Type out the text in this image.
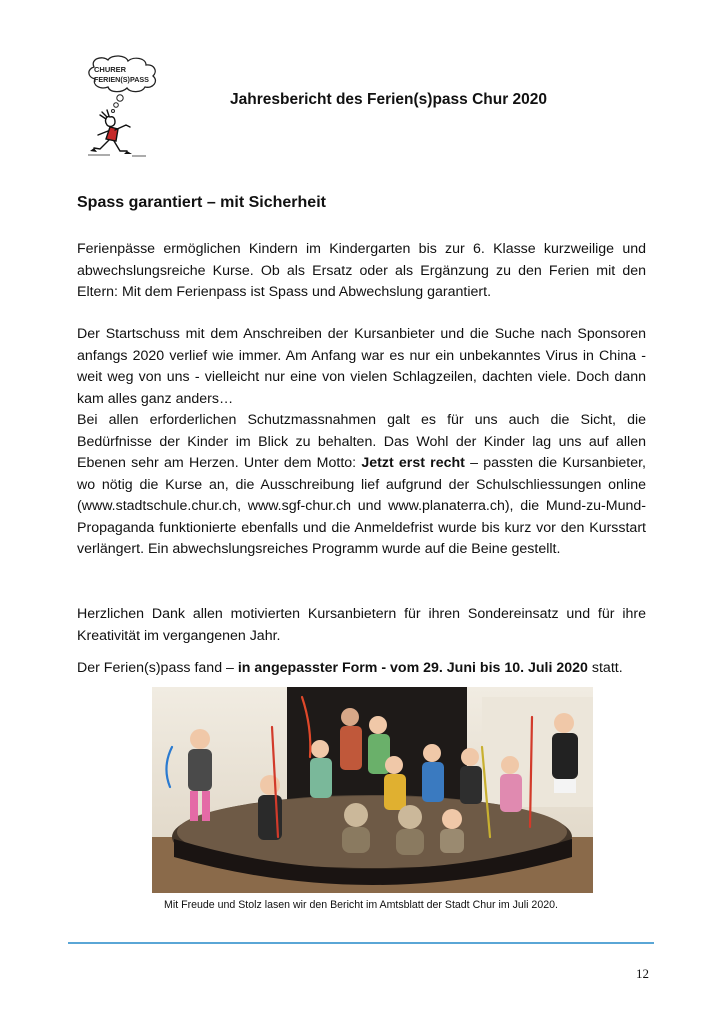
CHURER
FERIEN(S)PASS
Jahresbericht des Ferien(s)pass Chur 2020
Spass garantiert – mit Sicherheit

Ferienpässe ermöglichen Kindern im Kindergarten bis zur 6. Klasse kurzweilige und abwechslungsreiche Kurse. Ob als Ersatz oder als Ergänzung zu den Ferien mit den Eltern: Mit dem Ferienpass ist Spass und Abwechslung garantiert.

Der Startschuss mit dem Anschreiben der Kursanbieter und die Suche nach Sponsoren anfangs 2020 verlief wie immer. Am Anfang war es nur ein unbekanntes Virus in China - weit weg von uns - vielleicht nur eine von vielen Schlagzeilen, dachten viele. Doch dann kam alles ganz anders…

Bei allen erforderlichen Schutzmassnahmen galt es für uns auch die Sicht, die Bedürfnisse der Kinder im Blick zu behalten. Das Wohl der Kinder lag uns auf allen Ebenen sehr am Herzen. Unter dem Motto: Jetzt erst recht – passten die Kursanbieter, wo nötig die Kurse an, die Ausschreibung lief aufgrund der Schulschliessungen online (www.stadtschule.chur.ch, www.sgf-chur.ch und www.planaterra.ch), die Mund-zu-Mund-Propaganda funktionierte ebenfalls und die Anmeldefrist wurde bis kurz vor den Kursstart verlängert. Ein abwechslungsreiches Programm wurde auf die Beine gestellt.

Herzlichen Dank allen motivierten Kursanbietern für ihren Sondereinsatz und für ihre Kreativität im vergangenen Jahr.

Der Ferien(s)pass fand – in angepasster Form - vom 29. Juni bis 10. Juli 2020 statt.

Mit Freude und Stolz lasen wir den Bericht im Amtsblatt der Stadt Chur im Juli 2020.

12
